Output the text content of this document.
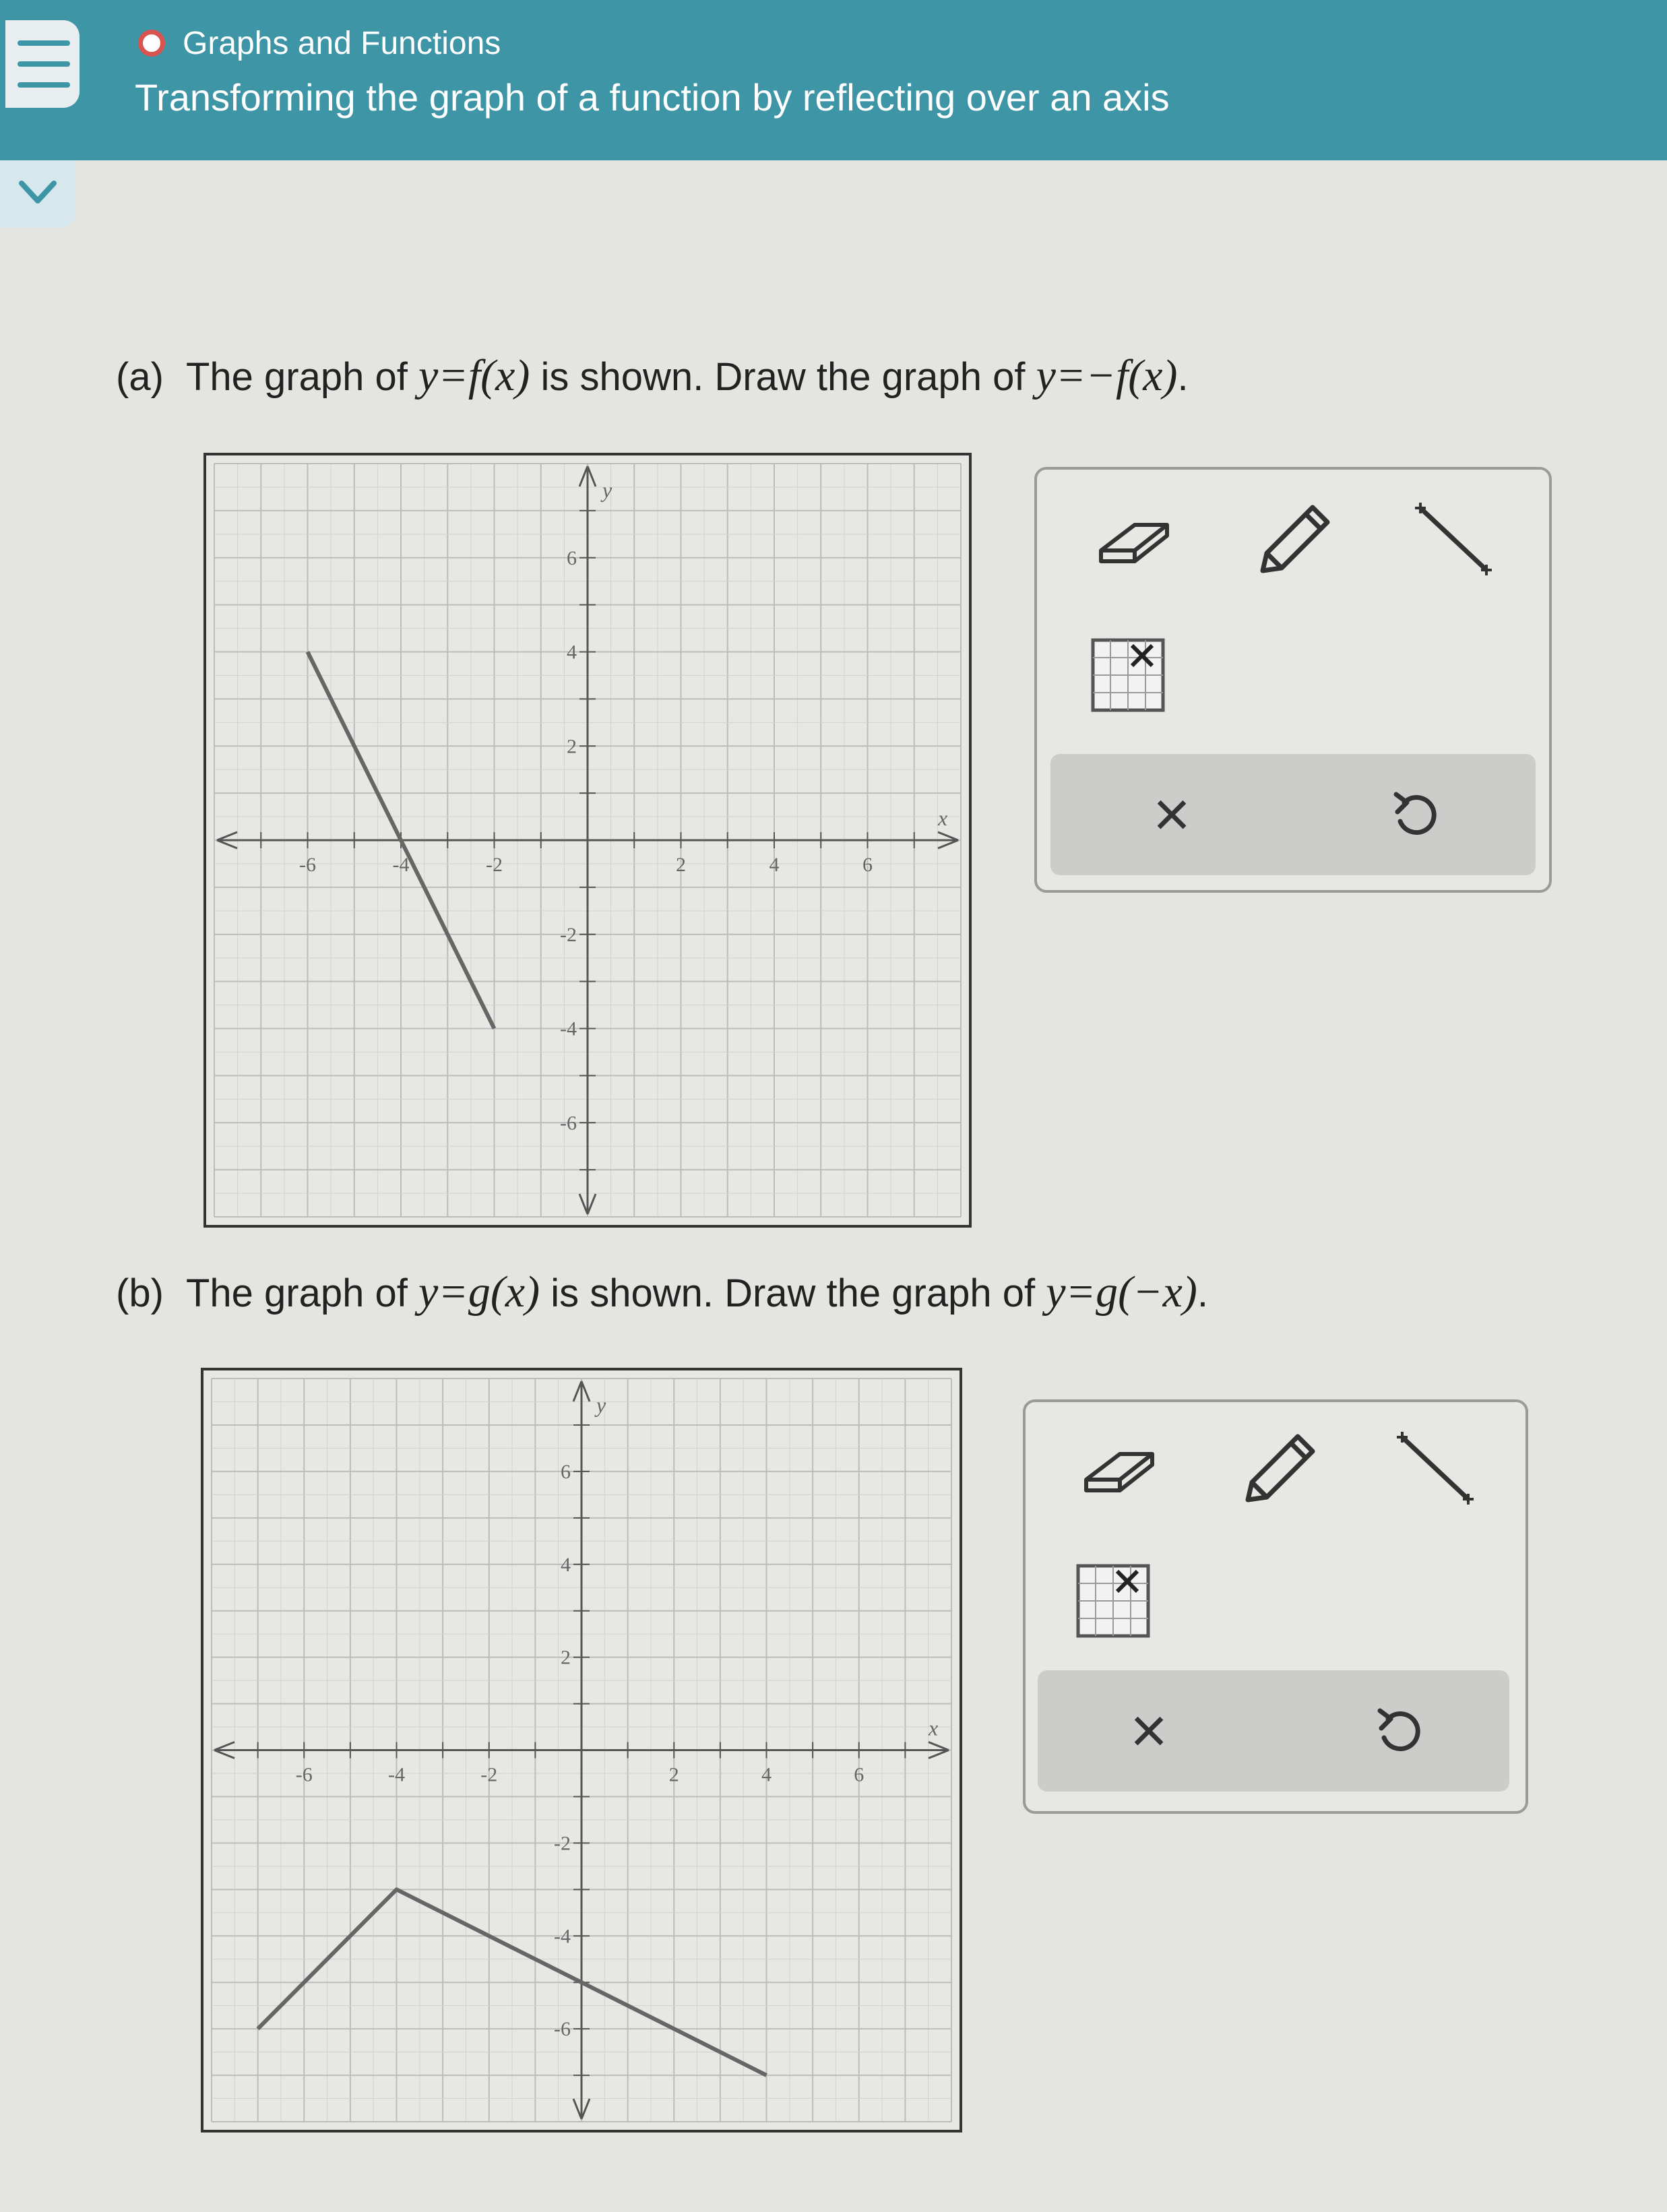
Graphs and Functions
Transforming the graph of a function by reflecting over an axis
(a) The graph of y=f(x) is shown. Draw the graph of y=−f(x).
-6	-4	-2	2	4	6
6
4
2
-2
-4
-6
x
y
×
(b) The graph of y=g(x) is shown. Draw the graph of y=g(−x).
-6	-4	-2	2	4	6
6
4
2
-2
-4
-6
x
y
×
